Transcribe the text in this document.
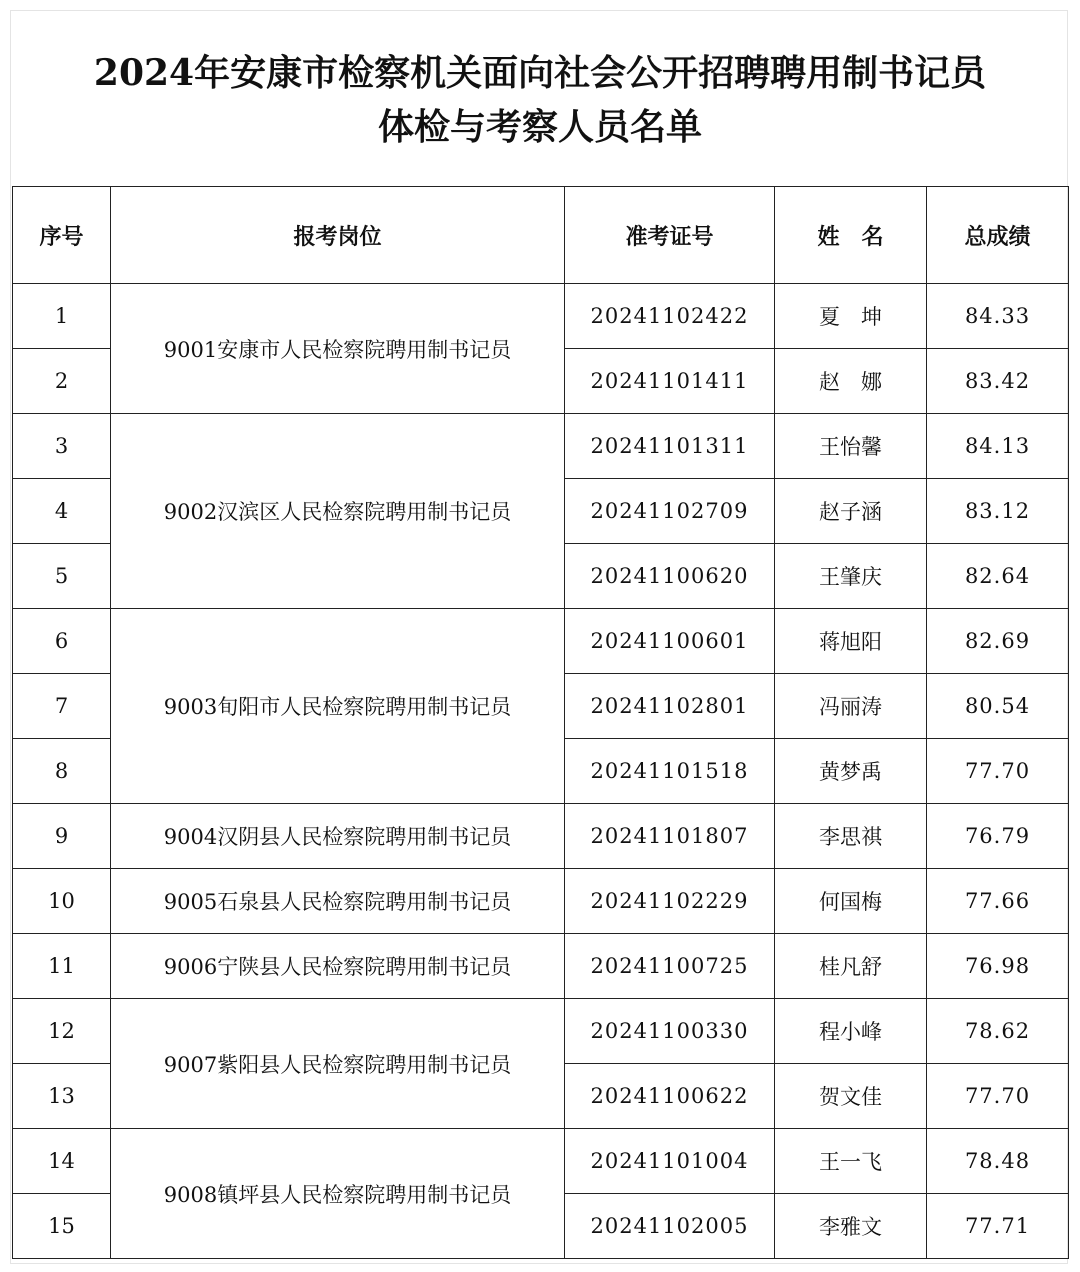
2024年安康市检察机关面向社会公开招聘聘用制书记员
体检与考察人员名单
序号	报考岗位	准考证号	姓　名	总成绩
1	9001安康市人民检察院聘用制书记员	20241102422	夏　坤	84.33
2		20241101411	赵　娜	83.42
3	9002汉滨区人民检察院聘用制书记员	20241101311	王怡馨	84.13
4		20241102709	赵子涵	83.12
5		20241100620	王肇庆	82.64
6	9003旬阳市人民检察院聘用制书记员	20241100601	蒋旭阳	82.69
7		20241102801	冯丽涛	80.54
8		20241101518	黄梦禹	77.70
9	9004汉阴县人民检察院聘用制书记员	20241101807	李思祺	76.79
10	9005石泉县人民检察院聘用制书记员	20241102229	何国梅	77.66
11	9006宁陕县人民检察院聘用制书记员	20241100725	桂凡舒	76.98
12	9007紫阳县人民检察院聘用制书记员	20241100330	程小峰	78.62
13		20241100622	贺文佳	77.70
14	9008镇坪县人民检察院聘用制书记员	20241101004	王一飞	78.48
15		20241102005	李雅文	77.71
